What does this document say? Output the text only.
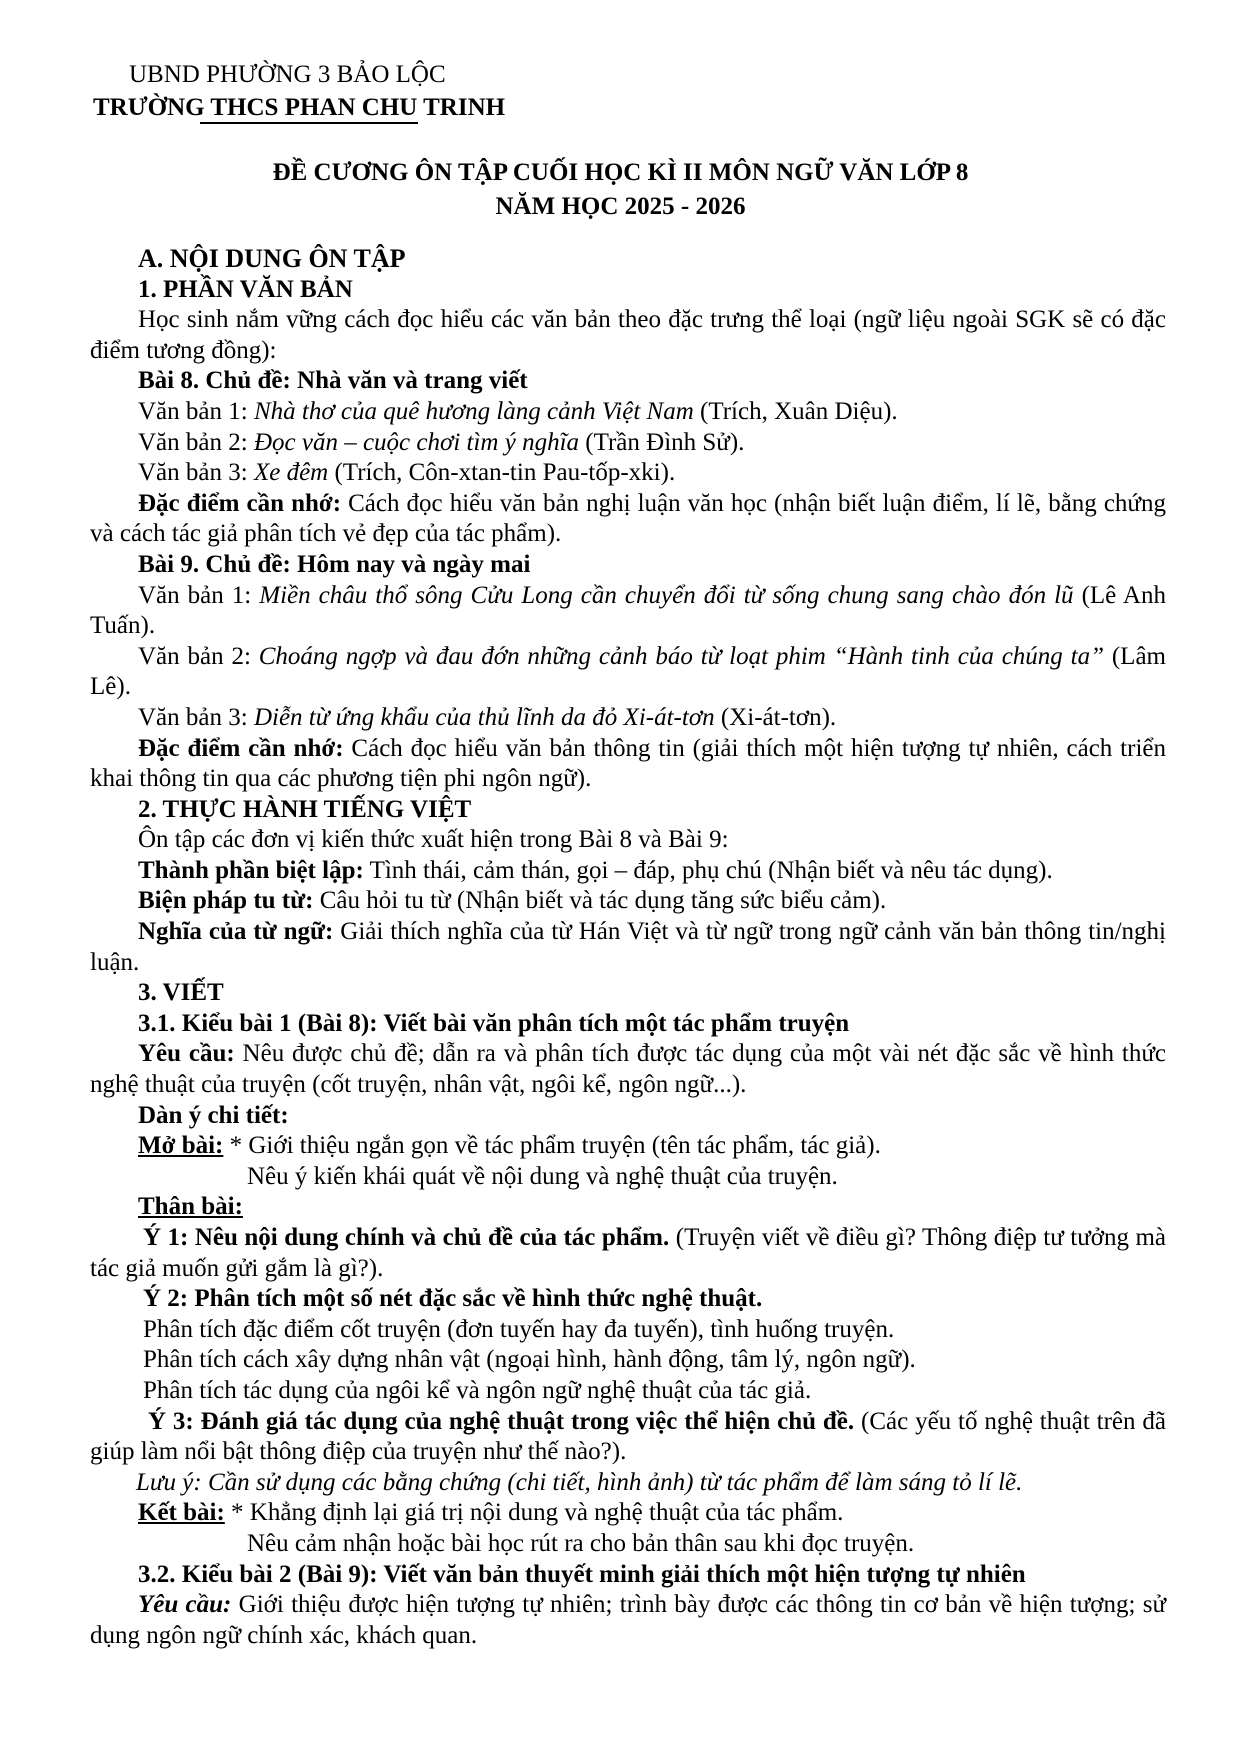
UBND PHƯỜNG 3 BẢO LỘC
TRƯỜNG THCS PHAN CHU TRINH
ĐỀ CƯƠNG ÔN TẬP CUỐI HỌC KÌ II MÔN NGỮ VĂN LỚP 8
NĂM HỌC 2025 - 2026

A. NỘI DUNG ÔN TẬP

1. PHẦN VĂN BẢN

Học sinh nắm vững cách đọc hiểu các văn bản theo đặc trưng thể loại (ngữ liệu ngoài SGK sẽ có đặc điểm tương đồng):

Bài 8. Chủ đề: Nhà văn và trang viết

Văn bản 1: Nhà thơ của quê hương làng cảnh Việt Nam (Trích, Xuân Diệu).

Văn bản 2: Đọc văn – cuộc chơi tìm ý nghĩa (Trần Đình Sử).

Văn bản 3: Xe đêm (Trích, Côn-xtan-tin Pau-tốp-xki).

Đặc điểm cần nhớ: Cách đọc hiểu văn bản nghị luận văn học (nhận biết luận điểm, lí lẽ, bằng chứng và cách tác giả phân tích vẻ đẹp của tác phẩm).

Bài 9. Chủ đề: Hôm nay và ngày mai

Văn bản 1: Miền châu thổ sông Cửu Long cần chuyển đổi từ sống chung sang chào đón lũ (Lê Anh Tuấn).

Văn bản 2: Choáng ngợp và đau đớn những cảnh báo từ loạt phim “Hành tinh của chúng ta” (Lâm Lê).

Văn bản 3: Diễn từ ứng khẩu của thủ lĩnh da đỏ Xi-át-tơn (Xi-át-tơn).

Đặc điểm cần nhớ: Cách đọc hiểu văn bản thông tin (giải thích một hiện tượng tự nhiên, cách triển khai thông tin qua các phương tiện phi ngôn ngữ).

2. THỰC HÀNH TIẾNG VIỆT

Ôn tập các đơn vị kiến thức xuất hiện trong Bài 8 và Bài 9:

Thành phần biệt lập: Tình thái, cảm thán, gọi – đáp, phụ chú (Nhận biết và nêu tác dụng).

Biện pháp tu từ: Câu hỏi tu từ (Nhận biết và tác dụng tăng sức biểu cảm).

Nghĩa của từ ngữ: Giải thích nghĩa của từ Hán Việt và từ ngữ trong ngữ cảnh văn bản thông tin/nghị luận.

3. VIẾT

3.1. Kiểu bài 1 (Bài 8): Viết bài văn phân tích một tác phẩm truyện

Yêu cầu: Nêu được chủ đề; dẫn ra và phân tích được tác dụng của một vài nét đặc sắc về hình thức nghệ thuật của truyện (cốt truyện, nhân vật, ngôi kể, ngôn ngữ...).

Dàn ý chi tiết:

Mở bài: * Giới thiệu ngắn gọn về tác phẩm truyện (tên tác phẩm, tác giả).

Nêu ý kiến khái quát về nội dung và nghệ thuật của truyện.

Thân bài:

Ý 1: Nêu nội dung chính và chủ đề của tác phẩm. (Truyện viết về điều gì? Thông điệp tư tưởng mà tác giả muốn gửi gắm là gì?).

Ý 2: Phân tích một số nét đặc sắc về hình thức nghệ thuật.

Phân tích đặc điểm cốt truyện (đơn tuyến hay đa tuyến), tình huống truyện.

Phân tích cách xây dựng nhân vật (ngoại hình, hành động, tâm lý, ngôn ngữ).

Phân tích tác dụng của ngôi kể và ngôn ngữ nghệ thuật của tác giả.

Ý 3: Đánh giá tác dụng của nghệ thuật trong việc thể hiện chủ đề. (Các yếu tố nghệ thuật trên đã giúp làm nổi bật thông điệp của truyện như thế nào?).

Lưu ý: Cần sử dụng các bằng chứng (chi tiết, hình ảnh) từ tác phẩm để làm sáng tỏ lí lẽ.

Kết bài: * Khẳng định lại giá trị nội dung và nghệ thuật của tác phẩm.

Nêu cảm nhận hoặc bài học rút ra cho bản thân sau khi đọc truyện.

3.2. Kiểu bài 2 (Bài 9): Viết văn bản thuyết minh giải thích một hiện tượng tự nhiên

Yêu cầu: Giới thiệu được hiện tượng tự nhiên; trình bày được các thông tin cơ bản về hiện tượng; sử dụng ngôn ngữ chính xác, khách quan.
